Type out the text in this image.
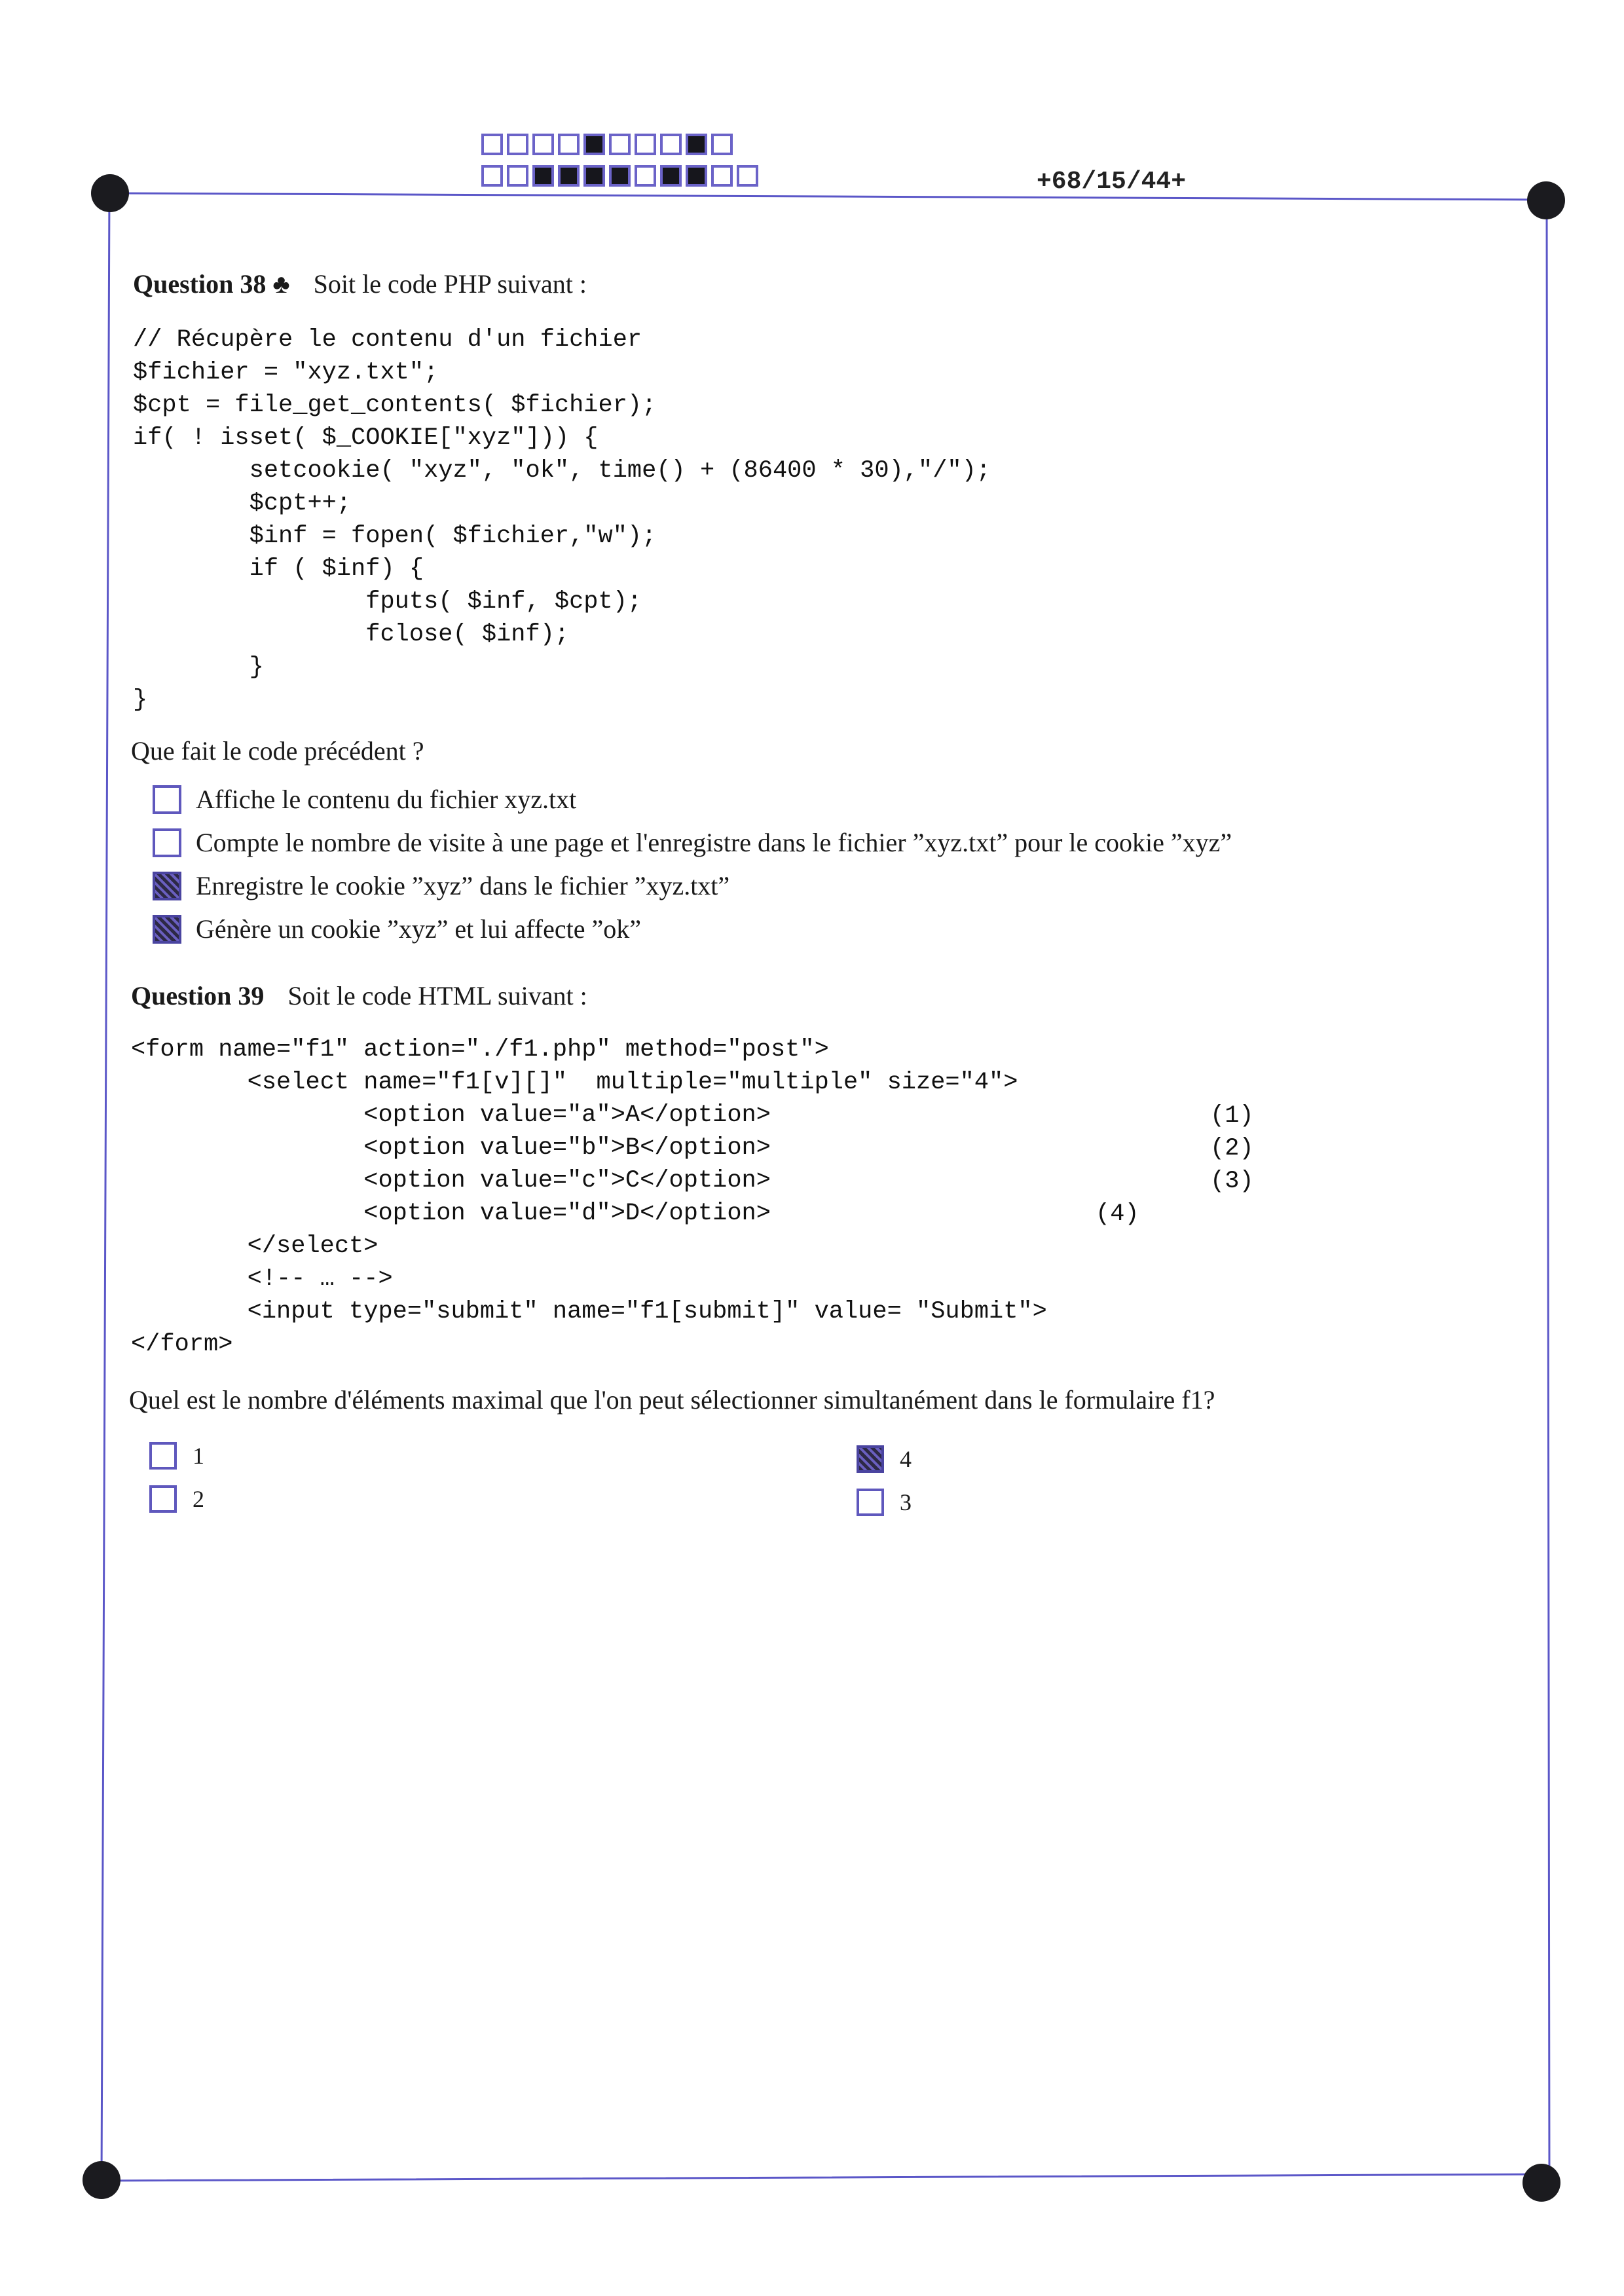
+68/15/44+
Question 38 ♣ Soit le code PHP suivant :
// Récupère le contenu d'un fichier
$fichier = "xyz.txt";
$cpt = file_get_contents( $fichier);
if( ! isset( $_COOKIE["xyz"])) {
setcookie( "xyz", "ok", time() + (86400 * 30),"/");
$cpt++;
$inf = fopen( $fichier,"w");
if ( $inf) {
fputs( $inf, $cpt);
fclose( $inf);
}
}
Que fait le code précédent ?
Affiche le contenu du fichier xyz.txt
Compte le nombre de visite à une page et l'enregistre dans le fichier ”xyz.txt” pour le cookie ”xyz”
Enregistre le cookie ”xyz” dans le fichier ”xyz.txt”
Génère un cookie ”xyz” et lui affecte ”ok”
Question 39 Soit le code HTML suivant :
<form name="f1" action="./f1.php" method="post">
<select name="f1[v][]"  multiple="multiple" size="4">
<option value="a">A</option>
<option value="b">B</option>
<option value="c">C</option>
<option value="d">D</option>
</select>
<!-- … -->
<input type="submit" name="f1[submit]" value= "Submit">
</form>
(1)
(2)
(3)
(4)
Quel est le nombre d'éléments maximal que l'on peut sélectionner simultanément dans le formulaire f1?
1
2
4
3
